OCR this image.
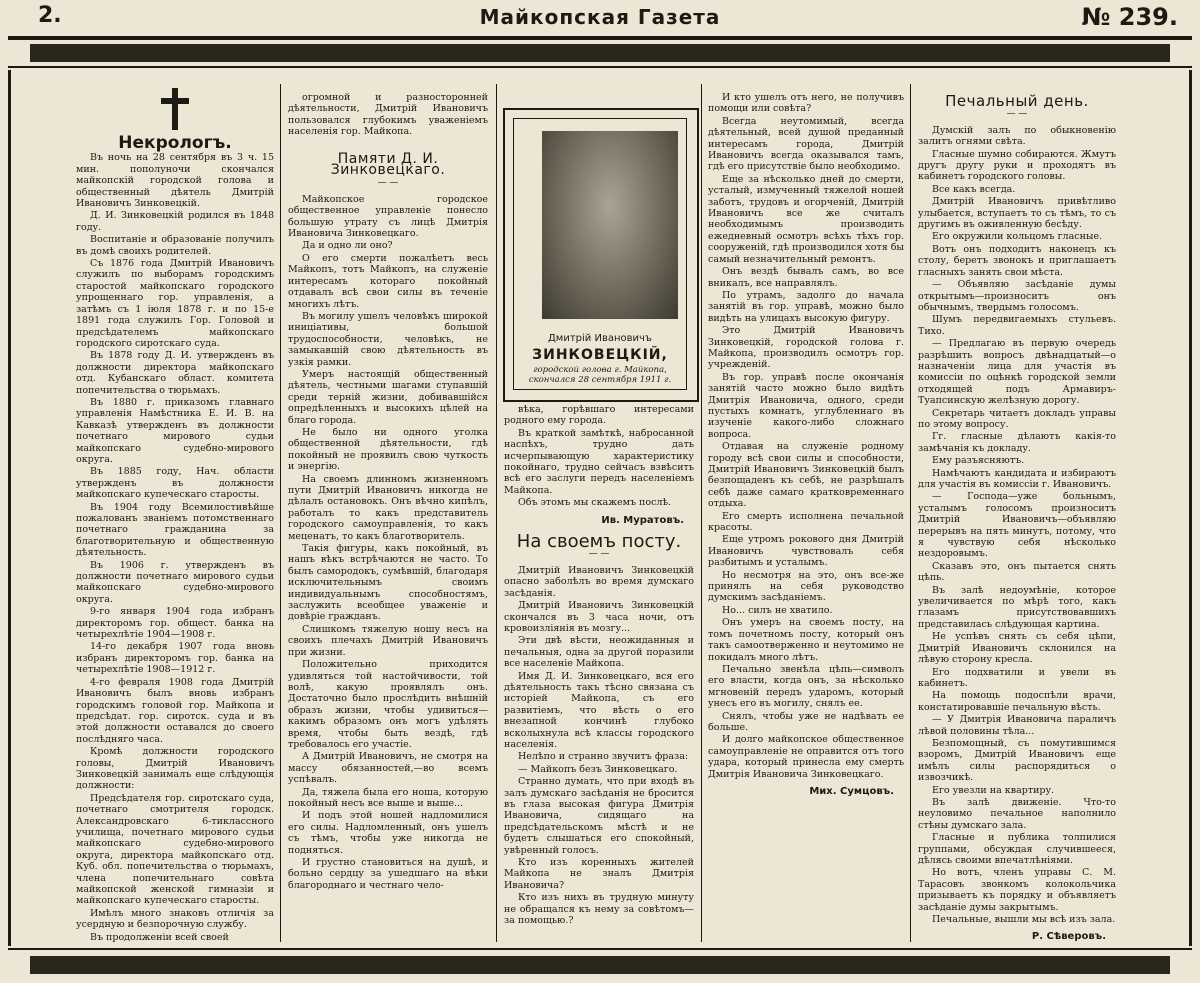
2.	Майкопская Газета	№ 239.
Некрологъ.

Въ ночь на 28 сентября въ 3 ч. 15 мин. пополуночи скончался майкопскій городской голова и общественный дѣятель Дмитрій Ивановичъ Зинковецкій.

Д. И. Зинковецкій родился въ 1848 году.

Воспитаніе и образованіе получилъ въ домѣ своихъ родителей.

Съ 1876 года Дмитрій Ивановичъ служилъ по выборамъ городскимъ старостой майкопскаго городского упрощеннаго гор. управленія, а затѣмъ съ 1 іюля 1878 г. и по 15-е 1891 года служилъ Гор. Головой и предсѣдателемъ майкопскаго городского сиротскаго суда.

Въ 1878 году Д. И. утвержденъ въ должности директора майкопскаго отд. Кубанскаго област. комитета попечительства о тюрьмахъ.

Въ 1880 г. приказомъ главнаго управленія Намѣстника Е. И. В. на Кавказѣ утвержденъ въ должности почетнаго мирового судьи майкопскаго судебно-мирового округа.

Въ 1885 году, Нач. области утвержденъ въ должности майкопскаго купеческаго старосты.

Въ 1904 году Всемилостивѣйше пожалованъ званіемъ потомственнаго почетнаго гражданина за благотворительную и общественную дѣятельность.

Въ 1906 г. утвержденъ въ должности почетнаго мирового судьи майкопскаго судебно-мирового округа.

9-го января 1904 года избранъ директоромъ гор. общест. банка на четырехлѣтіе 1904—1908 г.

14-го декабря 1907 года вновь избранъ директоромъ гор. банка на четырехлѣтіе 1908—1912 г.

4-го февраля 1908 года Дмитрій Ивановичъ былъ вновь избранъ городскимъ головой гор. Майкопа и предсѣдат. гор. сиротск. суда и въ этой должности оставался до своего послѣдняго часа.

Кромѣ должности городского головы, Дмитрій Ивановичъ Зинковецкій занималъ еще слѣдующія должности:

Предсѣдателя гор. сиротскаго суда, почетнаго смотрителя городск. Александровскаго 6-тиклассного училища, почетнаго мирового судьи майкопскаго судебно-мирового округа, директора майкопскаго отд. Куб. обл. попечительства о тюрьмахъ, члена попечительнаго совѣта майкопской женской гимназіи и майкопскаго купеческаго старосты.

Имѣлъ много знаковъ отличія за усердную и безпорочную службу.

Въ продолженіи всей своей

огромной и разносторонней дѣятельности, Дмитрій Ивановичъ пользовался глубокимъ уваженіемъ населенія гор. Майкопа.

Памяти Д. И. Зинковецкаго.

— —

Майкопское городское общественное управленіе понесло большую утрату съ лицѣ Дмитрія Ивановича Зинковецкаго.

Да и одно ли оно?

О его смерти пожалѣетъ весь Майкопъ, тотъ Майкопъ, на служеніе интересамъ котораго покойный отдавалъ всѣ свои силы въ теченіе многихъ лѣтъ.

Въ могилу ушелъ человѣкъ широкой иниціативы, большой трудоспособности, человѣкъ, не замыкавшій свою дѣятельность въ узкія рамки.

Умеръ настоящій общественный дѣятель, честными шагами ступавшій среди терній жизни, добивавшійся опредѣленныхъ и высокихъ цѣлей на благо города.

Не было ни одного уголка общественной дѣятельности, гдѣ покойный не проявилъ свою чуткость и энергію.

На своемъ длинномъ жизненномъ пути Дмитрій Ивановичъ никогда не дѣлалъ остановокъ. Онъ вѣчно кипѣлъ, работалъ то какъ представитель городского самоуправленія, то какъ меценатъ, то какъ благотворитель.

Такія фигуры, какъ покойный, въ нашъ вѣкъ встрѣчаются не часто. То былъ самородокъ, сумѣвшій, благодаря исключительнымъ своимъ индивидуальнымъ способностямъ, заслужить всеобщее уваженіе и довѣріе гражданъ.

Слишкомъ тяжелую ношу несъ на своихъ плечахъ Дмитрій Ивановичъ при жизни.

Положительно приходится удивляться той настойчивости, той волѣ, какую проявлялъ онъ. Достаточно было прослѣдить внѣшній образъ жизни, чтобы удивиться—какимъ образомъ онъ могъ удѣлять время, чтобы быть вездѣ, гдѣ требовалось его участіе.

А Дмитрій Ивановичъ, не смотря на массу обязанностей,—во всемъ успѣвалъ.

Да, тяжела была его ноша, которую покойный несъ все выше и выше...

И подъ этой ношей надломилися его силы. Надломленный, онъ ушелъ съ тѣмъ, чтобы уже никогда не подняться.

И грустно становиться на душѣ, и больно сердцу за ушедшаго на вѣки благороднаго и честнаго чело-

Дмитрій Ивановичъ
ЗИНКОВЕЦКІЙ,
городской голова г. Майкопа, скончался 28 сентября 1911 г.

вѣка, горѣвшаго интересами родного ему города.

Въ краткой замѣткѣ, набросанной наспѣхъ, трудно дать исчерпывающую характеристику покойнаго, трудно сейчасъ взвѣсить всѣ его заслуги передъ населеніемъ Майкопа.

Объ этомъ мы скажемъ послѣ.

Ив. Муратовъ.

На своемъ посту.

— —

Дмитрій Ивановичъ Зинковецкій опасно заболѣлъ во время думскаго засѣданія.

Дмитрій Ивановичъ Зинковецкій скончался въ 3 часа ночи, отъ кровоизліянія въ мозгу...

Эти двѣ вѣсти, неожиданныя и печальныя, одна за другой поразили все населеніе Майкопа.

Имя Д. И. Зинковецкаго, вся его дѣятельность такъ тѣсно связана съ исторіей Майкопа, съ его развитіемъ, что вѣсть о его внезапной кончинѣ глубоко всколыхнула всѣ классы городского населенія.

Нелѣпо и странно звучитъ фраза:

— Майкопъ безъ Зинковецкаго.

Странно думать, что при входѣ въ залъ думскаго засѣданія не бросится въ глаза высокая фигура Дмитрія Ивановича, сидящаго на предсѣдательскомъ мѣстѣ и не будетъ слышаться его спокойный, увѣренный голосъ.

Кто изъ коренныхъ жителей Майкопа не зналъ Дмитрія Ивановича?

Кто изъ нихъ въ трудную минуту не обращался къ нему за совѣтомъ—за помощью.?

И кто ушелъ отъ него, не получивъ помощи или совѣта?

Всегда неутомимый, всегда дѣятельный, всей душой преданный интересамъ города, Дмитрій Ивановичъ всегда оказывался тамъ, гдѣ его присутствіе было необходимо.

Еще за нѣсколько дней до смерти, усталый, измученный тяжелой ношей заботъ, трудовъ и огорченій, Дмитрій Ивановичъ все же считалъ необходимымъ производить ежедневный осмотръ всѣхъ тѣхъ гор. сооруженій, гдѣ производился хотя бы самый незначительный ремонтъ.

Онъ вездѣ бывалъ самъ, во все вникалъ, все направлялъ.

По утрамъ, задолго до начала занятій въ гор. управѣ, можно было видѣть на улицахъ высокую фигуру.

Это Дмитрій Ивановичъ Зинковецкій, городской голова г. Майкопа, производилъ осмотръ гор. учрежденій.

Въ гор. управѣ после окончанія занятій часто можно было видѣть Дмитрія Ивановича, одного, среди пустыхъ комнатъ, углубленнаго въ изученіе какого-либо сложнаго вопроса.

Отдавая на служеніе родному городу всѣ свои силы и способности, Дмитрій Ивановичъ Зинковецкій былъ безпощаденъ къ себѣ, не разрѣшалъ себѣ даже самаго кратковременнаго отдыха.

Его смерть исполнена печальной красоты.

Еще утромъ рокового дня Дмитрій Ивановичъ чувствовалъ себя разбитымъ и усталымъ.

Но несмотря на это, онъ все-же принялъ на себя руководство думскимъ засѣданіемъ.

Но... силъ не хватило.

Онъ умеръ на своемъ посту, на томъ почетномъ посту, который онъ такъ самоотверженно и неутомимо не покидалъ много лѣтъ.

Печально звенѣла цѣпь—символъ его власти, когда онъ, за нѣсколько мгновеній передъ ударомъ, который унесъ его въ могилу, снялъ ее.

Снялъ, чтобы уже не надѣвать ее больше.

И долго майкопское общественное самоуправленіе не оправится отъ того удара, который принесла ему смерть Дмитрія Ивановича Зинковецкаго.

Мих. Сумцовъ.

Печальный день.

— —

Думскій залъ по обыкновенію залитъ огнями свѣта.

Гласные шумно собираются. Жмутъ другъ другу руки и проходятъ въ кабинетъ городского головы.

Все какъ всегда.

Дмитрій Ивановичъ привѣтливо улыбается, вступаетъ то съ тѣмъ, то съ другимъ въ оживленную бесѣду.

Его окружили кольцомъ гласные.

Вотъ онъ подходитъ наконецъ къ столу, беретъ звонокъ и приглашаетъ гласныхъ занять свои мѣста.

— Объявляю засѣданіе думы открытымъ—произноситъ онъ обычнымъ, твердымъ голосомъ.

Шумъ передвигаемыхъ стульевъ. Тихо.

— Предлагаю въ первую очередь разрѣшить вопросъ двѣнадцатый—о назначеніи лица для участія въ комиссіи по оцѣнкѣ городской земли отходящей подъ Армавиръ-Туапсинскую желѣзную дорогу.

Секретарь читаетъ докладъ управы по этому вопросу.

Гг. гласные дѣлаютъ какія-то замѣчанія къ докладу.

Ему разъясняютъ.

Намѣчаютъ кандидата и избираютъ для участія въ комиссіи г. Ивановичъ.

— Господа—уже больнымъ, усталымъ голосомъ произноситъ Дмитрій Ивановичъ—объявляю перерывъ на пять минутъ, потому, что я чувствую себя нѣсколько нездоровымъ.

Сказавъ это, онъ пытается снять цѣпь.

Въ залѣ недоумѣніе, которое увеличивается по мѣрѣ того, какъ глазамъ присутствовавшихъ представилась слѣдующая картина.

Не успѣвъ снять съ себя цѣпи, Дмитрій Ивановичъ склонился на лѣвую сторону кресла.

Его подхватили и увели въ кабинетъ.

На помощь подоспѣли врачи, констатировавшіе печальную вѣсть.

— У Дмитрія Ивановича параличъ лѣвой половины тѣла...

Безпомощный, съ помутившимся взоромъ, Дмитрій Ивановичъ еще имѣлъ силы распорядиться о извозчикѣ.

Его увезли на квартиру.

Въ залѣ движеніе. Что-то неуловимо печальное наполнило стѣны думскаго зала.

Гласные и публика толпилися группами, обсуждая случившееся, дѣлясь своими впечатлѣніями.

Но вотъ, членъ управы С. М. Тарасовъ звонкомъ колокольчика призываетъ къ порядку и объявляетъ засѣданіе думы закрытымъ.

Печальные, вышли мы всѣ изъ зала.

Р. Сѣверовъ.
